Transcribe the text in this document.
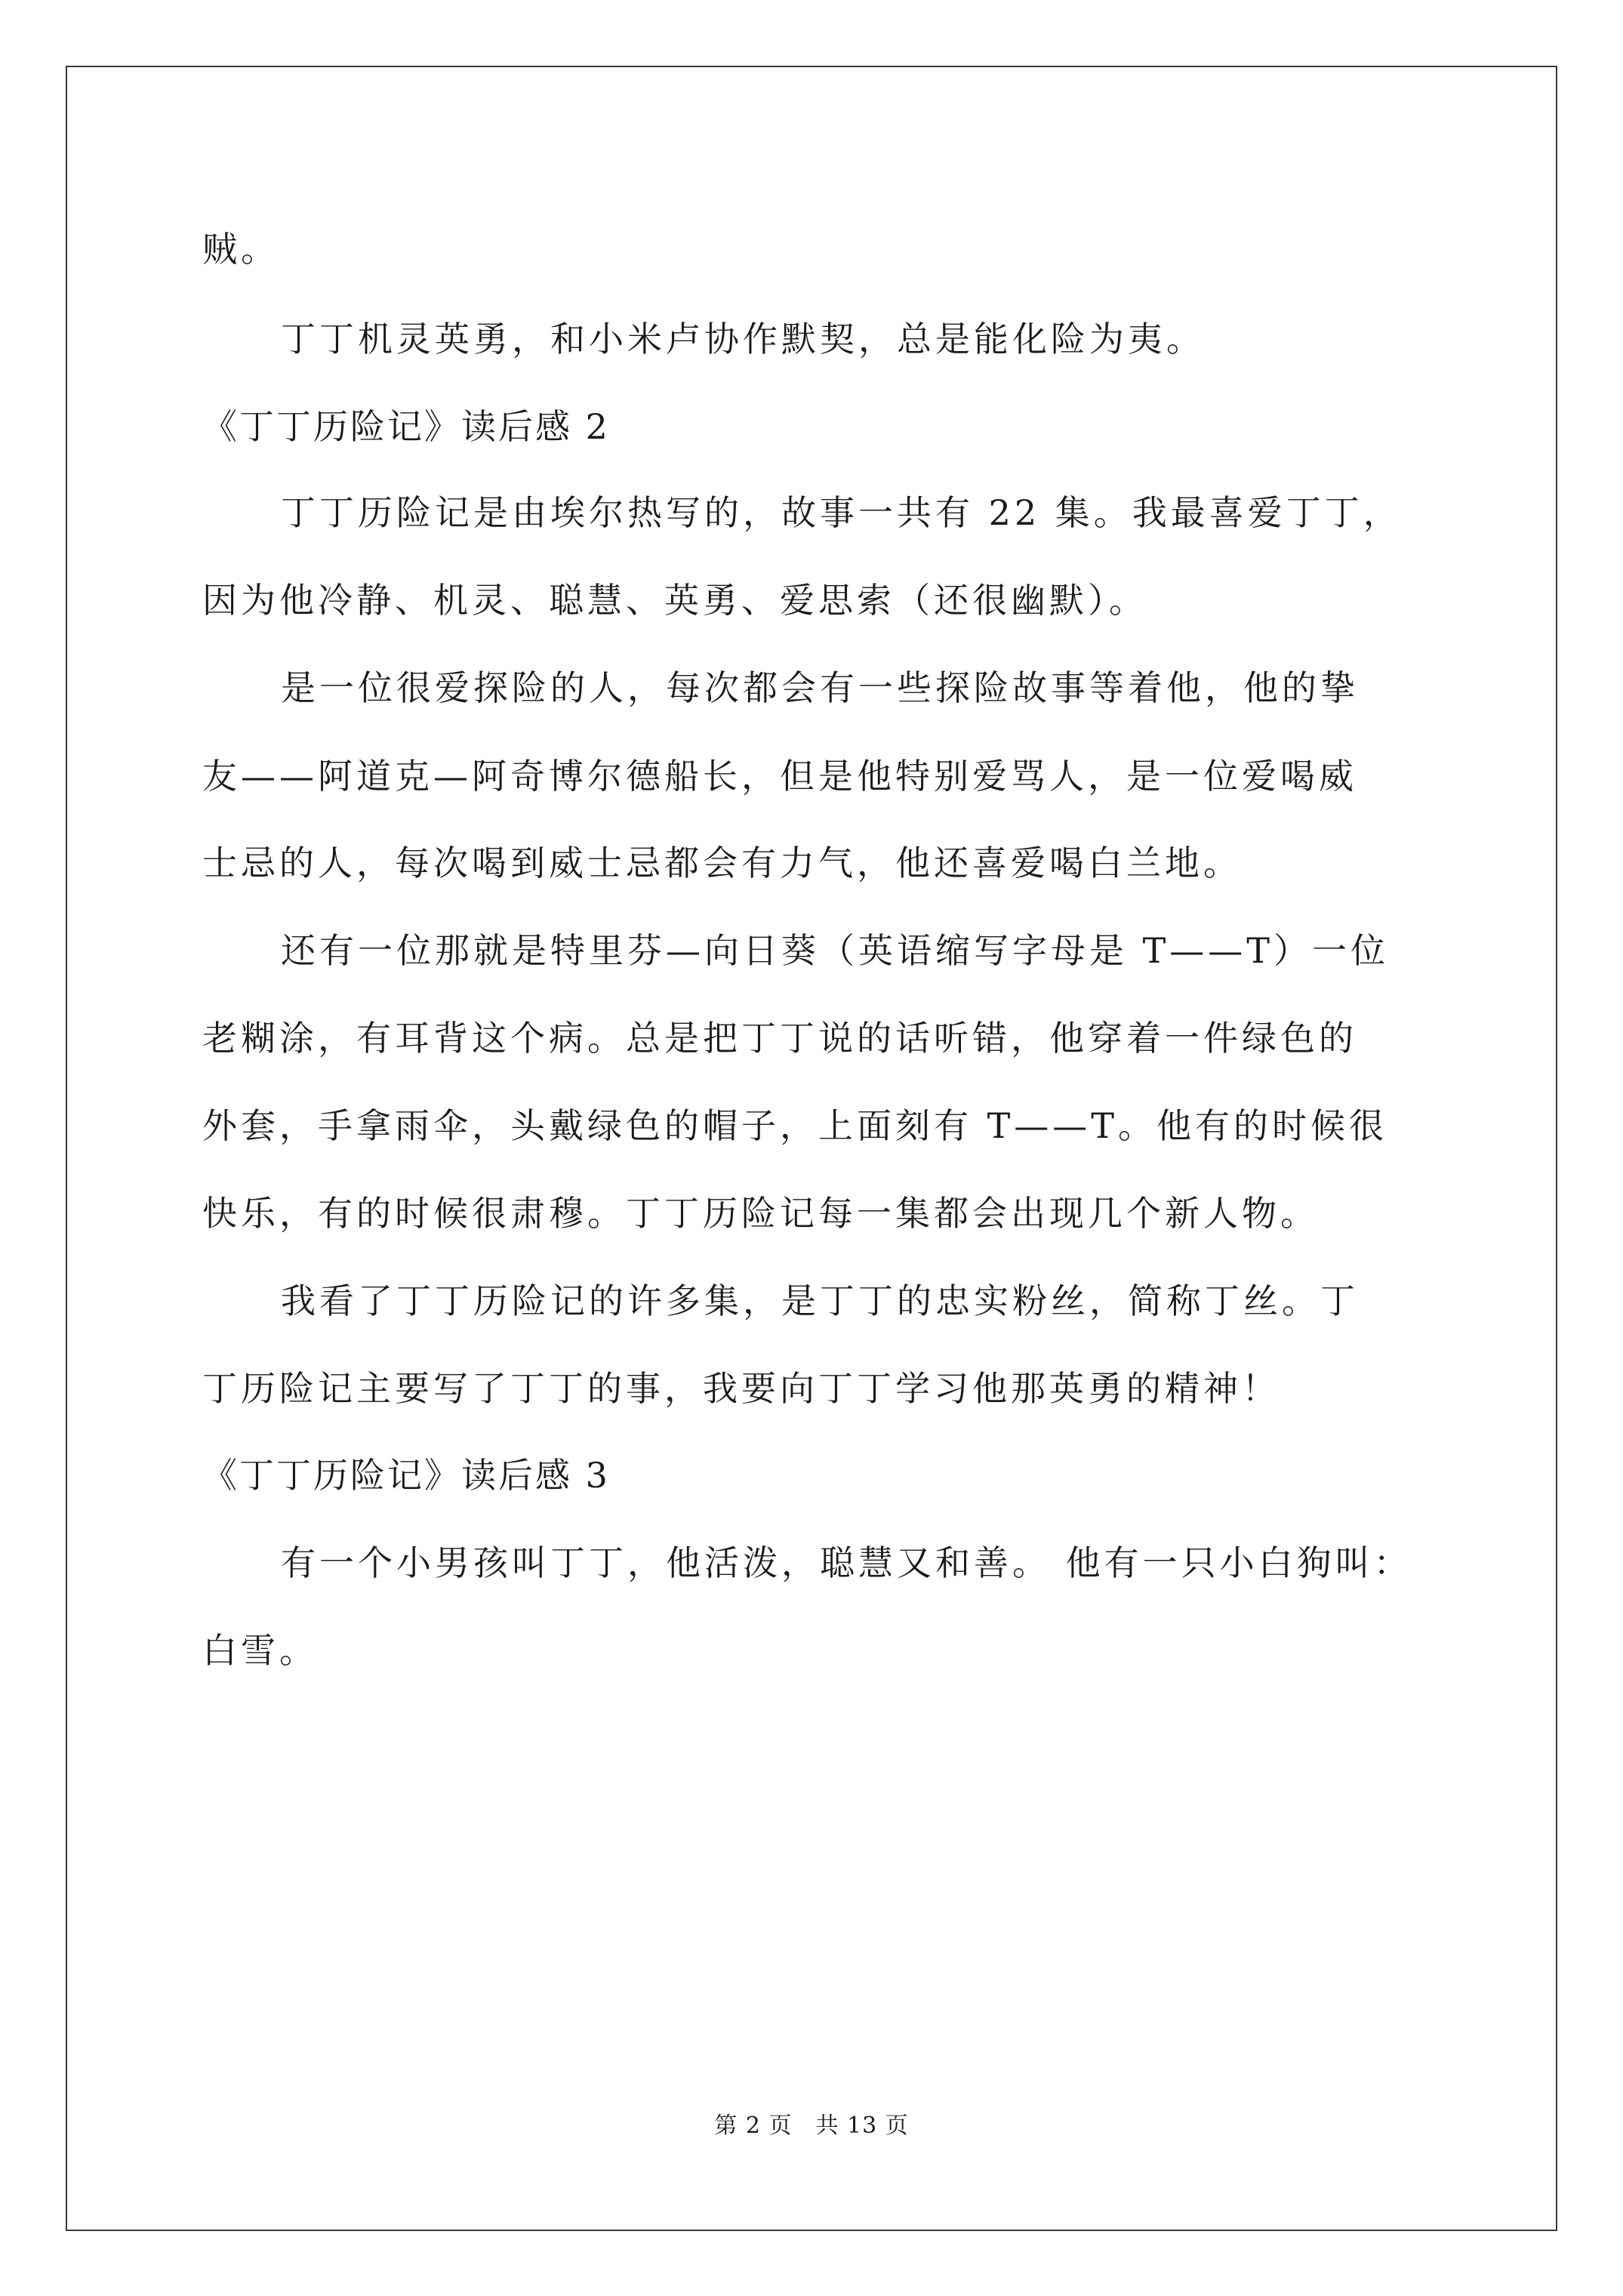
贼。
丁丁机灵英勇，和小米卢协作默契，总是能化险为夷。
《丁丁历险记》读后感 2
丁丁历险记是由埃尔热写的，故事一共有 22 集。我最喜爱丁丁，
因为他冷静、机灵、聪慧、英勇、爱思索（还很幽默）。
是一位很爱探险的人，每次都会有一些探险故事等着他，他的挚
友——阿道克—阿奇博尔德船长，但是他特别爱骂人，是一位爱喝威
士忌的人，每次喝到威士忌都会有力气，他还喜爱喝白兰地。
还有一位那就是特里芬—向日葵（英语缩写字母是 T——T）一位
老糊涂，有耳背这个病。总是把丁丁说的话听错，他穿着一件绿色的
外套，手拿雨伞，头戴绿色的帽子，上面刻有 T——T。他有的时候很
快乐，有的时候很肃穆。丁丁历险记每一集都会出现几个新人物。
我看了丁丁历险记的许多集，是丁丁的忠实粉丝，简称丁丝。丁
丁历险记主要写了丁丁的事，我要向丁丁学习他那英勇的精神！
《丁丁历险记》读后感 3
有一个小男孩叫丁丁，他活泼，聪慧又和善。 他有一只小白狗叫：
白雪。
第 2 页　共 13 页
